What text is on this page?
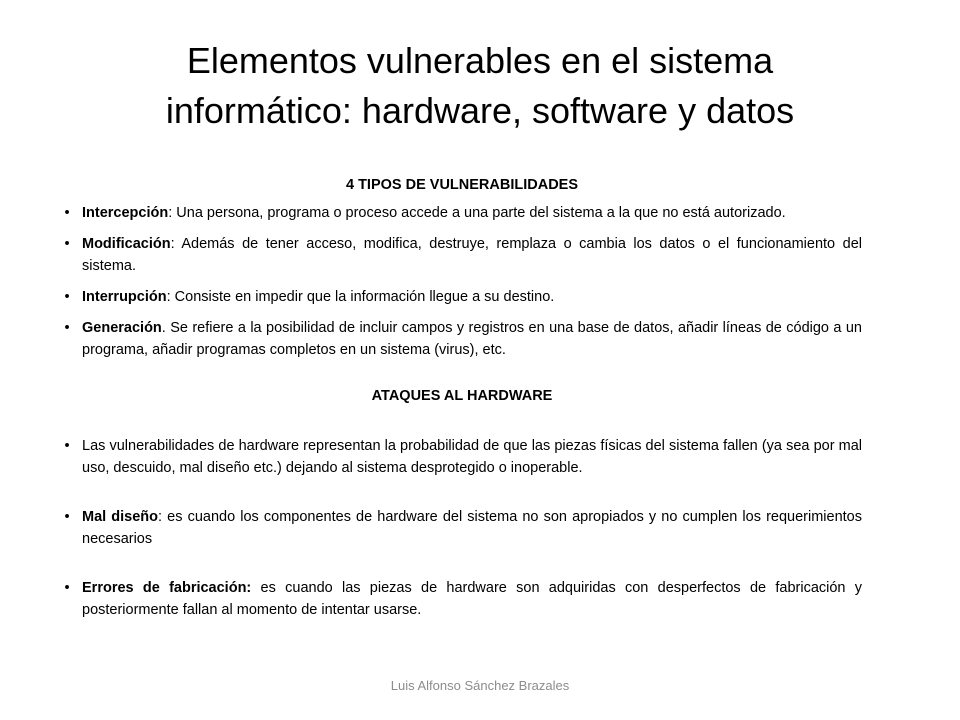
Elementos vulnerables en el sistema
informático: hardware, software y datos
4 TIPOS DE VULNERABILIDADES
• Intercepción: Una persona, programa o proceso accede a una parte del sistema a la que no está autorizado.
• Modificación: Además de tener acceso, modifica, destruye, remplaza o cambia los datos o el funcionamiento del sistema.
• Interrupción: Consiste en impedir que la información llegue a su destino.
• Generación. Se refiere a la posibilidad de incluir campos y registros en una base de datos, añadir líneas de código a un programa, añadir programas completos en un sistema (virus), etc.
ATAQUES AL HARDWARE
• Las vulnerabilidades de hardware representan la probabilidad de que las piezas físicas del sistema fallen (ya sea por mal uso, descuido, mal diseño etc.) dejando al sistema desprotegido o inoperable.
• Mal diseño: es cuando los componentes de hardware del sistema no son apropiados y no cumplen los requerimientos necesarios
• Errores de fabricación: es cuando las piezas de hardware son adquiridas con desperfectos de fabricación y posteriormente fallan al momento de intentar usarse.
Luis Alfonso Sánchez Brazales
